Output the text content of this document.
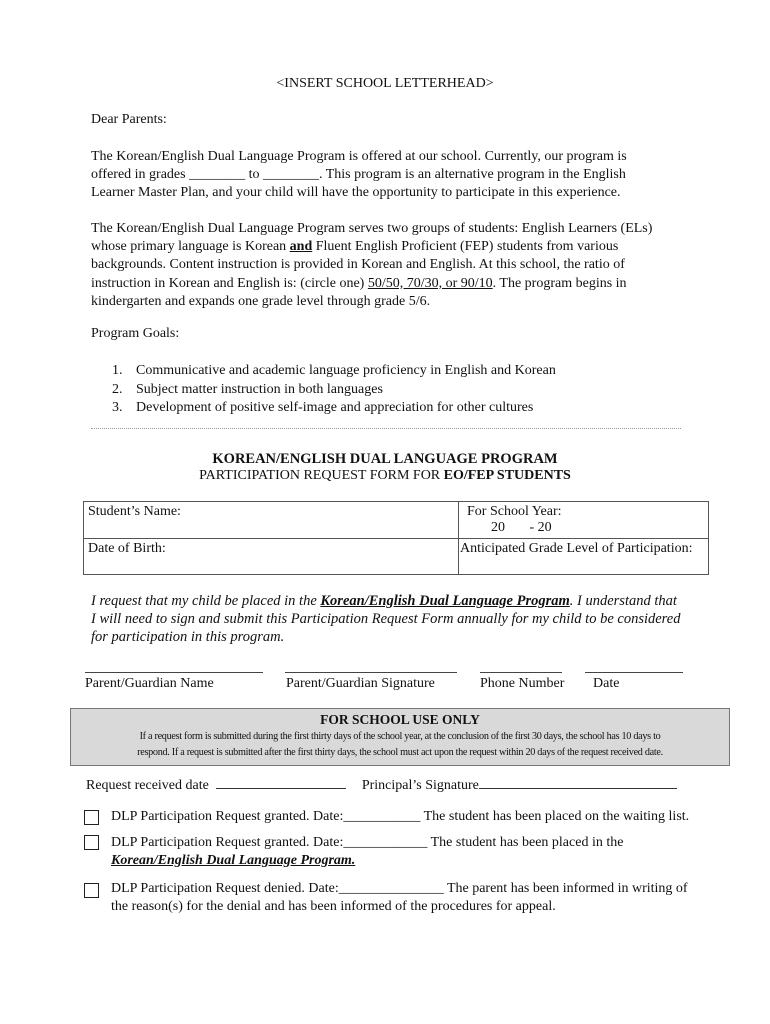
<INSERT SCHOOL LETTERHEAD>
Dear Parents:
The Korean/English Dual Language Program is offered at our school. Currently, our program is
offered in grades ________ to ________. This program is an alternative program in the English
Learner Master Plan, and your child will have the opportunity to participate in this experience.
The Korean/English Dual Language Program serves two groups of students: English Learners (ELs)
whose primary language is Korean and Fluent English Proficient (FEP) students from various
backgrounds. Content instruction is provided in Korean and English. At this school, the ratio of
instruction in Korean and English is: (circle one) 50/50, 70/30, or 90/10. The program begins in
kindergarten and expands one grade level through grade 5/6.
Program Goals:
1. Communicative and academic language proficiency in English and Korean
2. Subject matter instruction in both languages
3. Development of positive self-image and appreciation for other cultures
KOREAN/ENGLISH DUAL LANGUAGE PROGRAM
PARTICIPATION REQUEST FORM FOR EO/FEP STUDENTS
Student’s Name:	For School Year:
20       - 20

Date of Birth:	Anticipated Grade Level of Participation:
I request that my child be placed in the Korean/English Dual Language Program. I understand that
I will need to sign and submit this Participation Request Form annually for my child to be considered
for participation in this program.
Parent/Guardian Name	Parent/Guardian Signature	Phone Number Date
FOR SCHOOL USE ONLY
If a request form is submitted during the first thirty days of the school year, at the conclusion of the first 30 days, the school has 10 days to
respond. If a request is submitted after the first thirty days, the school must act upon the request within 20 days of the request received date.
Request received date	Principal’s Signature
DLP Participation Request granted. Date:___________ The student has been placed on the waiting list.
DLP Participation Request granted. Date:____________ The student has been placed in the
Korean/English Dual Language Program.
DLP Participation Request denied. Date:_______________ The parent has been informed in writing of
the reason(s) for the denial and has been informed of the procedures for appeal.
